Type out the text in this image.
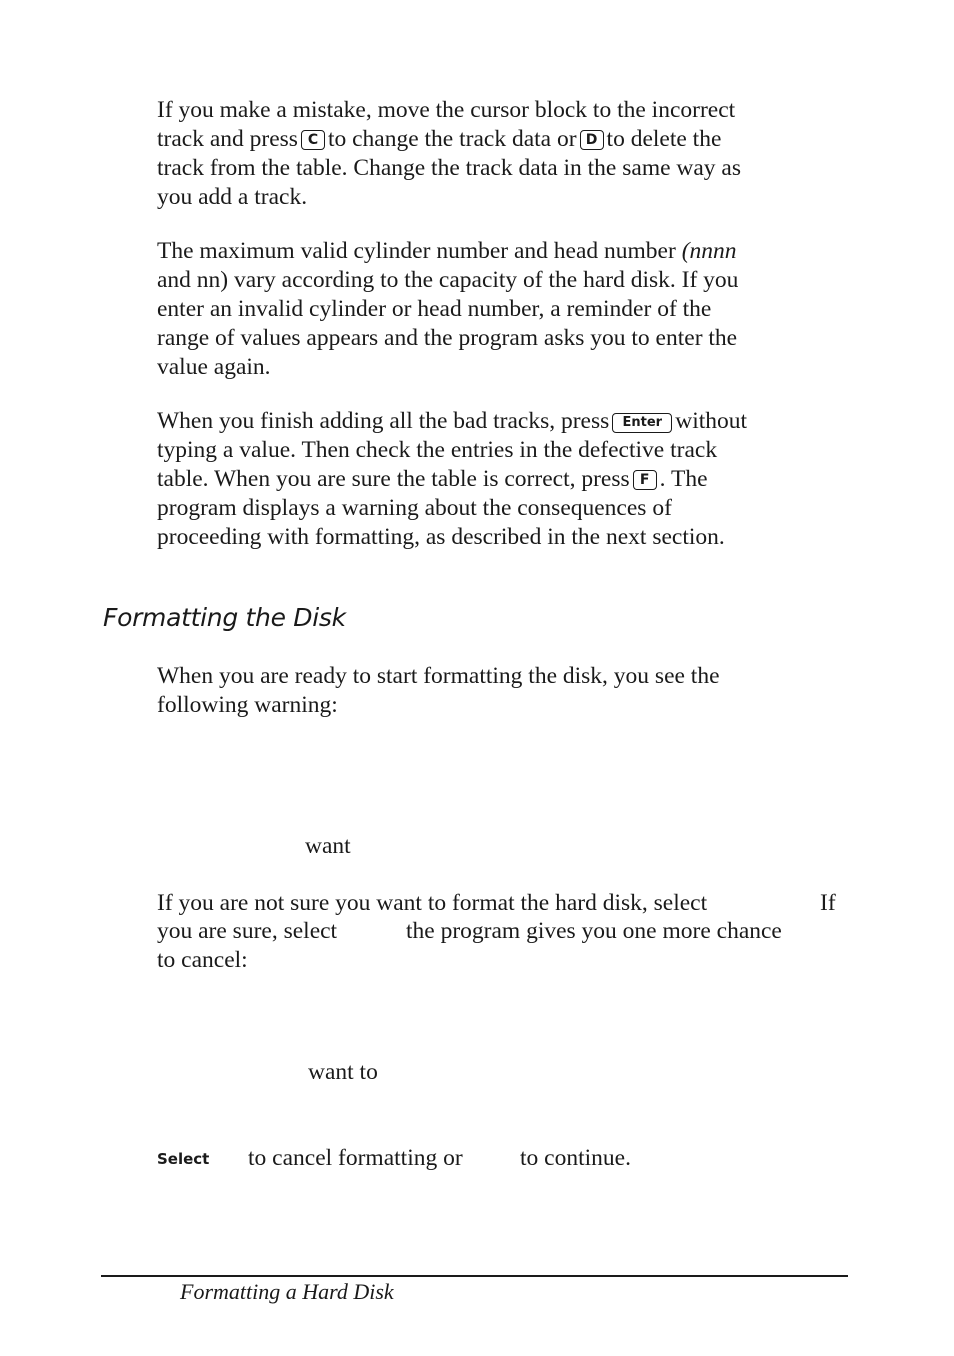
If you make a mistake, move the cursor block to the incorrect
track and press C to change the track data or D to delete the
track from the table. Change the track data in the same way as
you add a track.
The maximum valid cylinder number and head number (nnnn
and nn) vary according to the capacity of the hard disk. If you
enter an invalid cylinder or head number, a reminder of the
range of values appears and the program asks you to enter the
value again.
When you finish adding all the bad tracks, press Enter without
typing a value. Then check the entries in the defective track
table. When you are sure the table is correct, press F . The
program displays a warning about the consequences of
proceeding with formatting, as described in the next section.
Formatting the Disk
When you are ready to start formatting the disk, you see the
following warning:
want
If you are not sure you want to format the hard disk, select	If
you are sure, select	the program gives you one more chance
to cancel:
want to
Select to cancel formatting or to continue.
Formatting a Hard Disk
